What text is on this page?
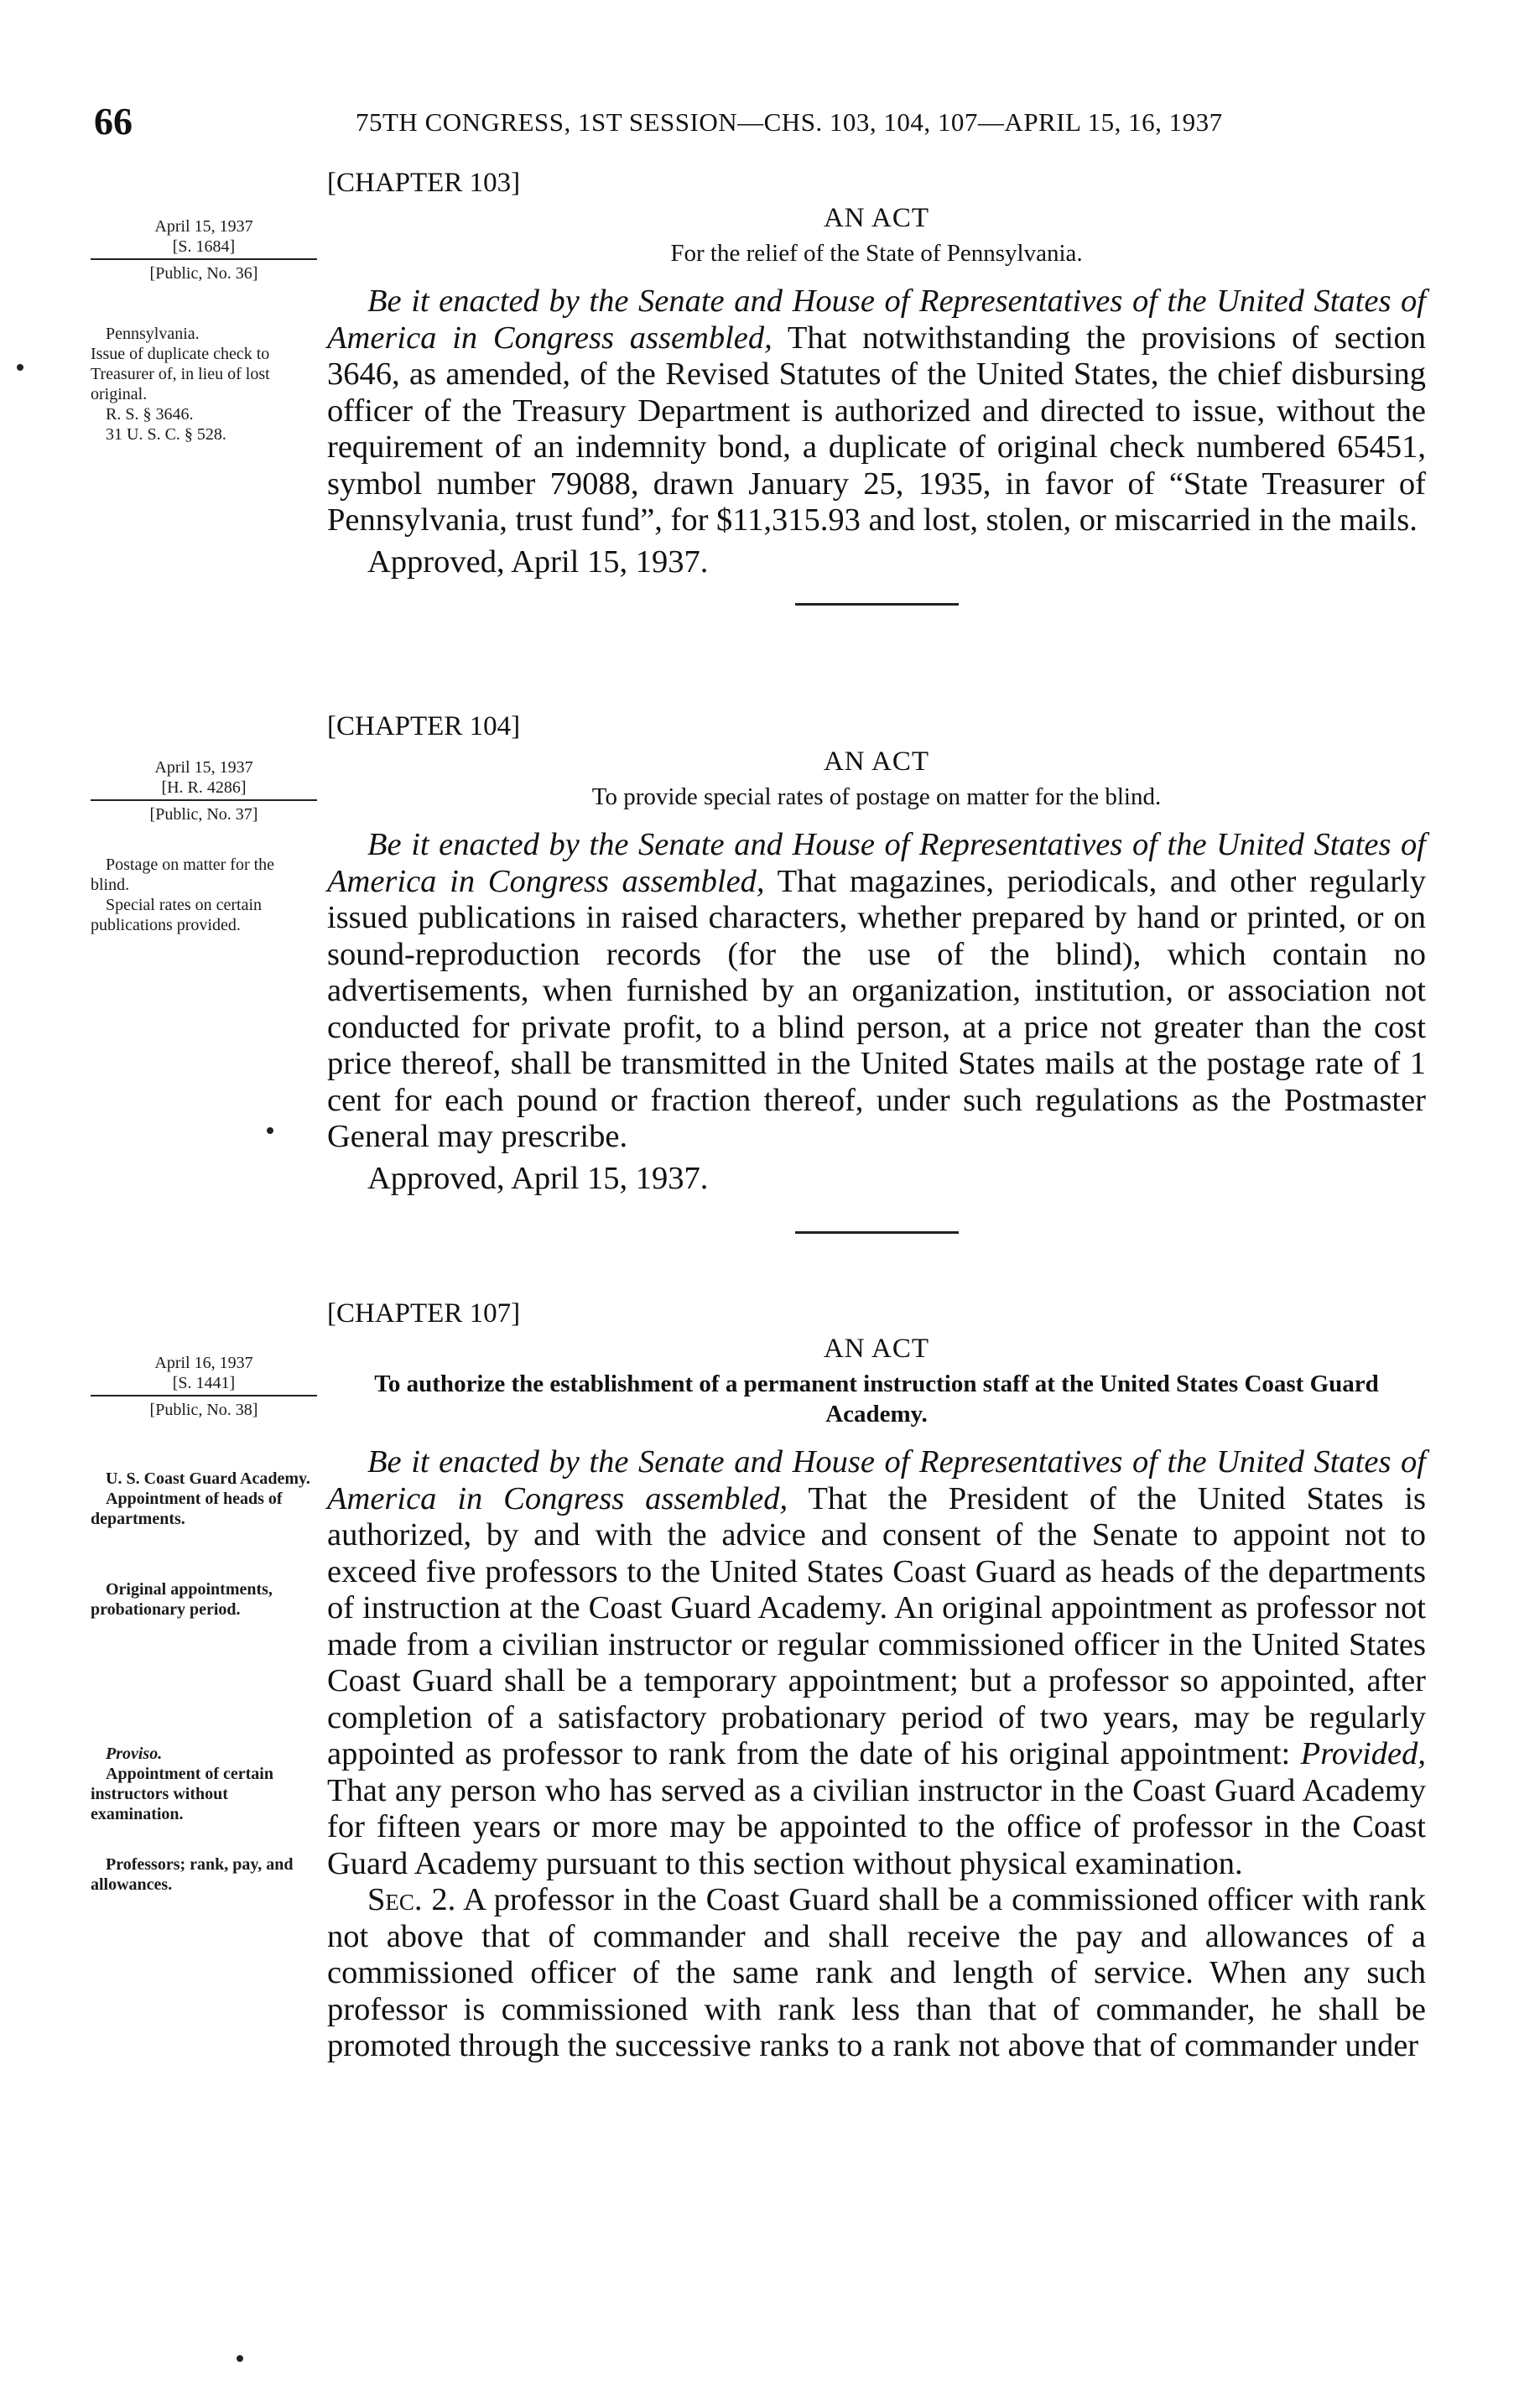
66	75TH CONGRESS, 1ST SESSION—CHS. 103, 104, 107—APRIL 15, 16, 1937
April 15, 1937
[S. 1684]
[Public, No. 36]
Pennsylvania.
Issue of duplicate check to Treasurer of, in lieu of lost original.
R. S. § 3646.
31 U. S. C. § 528.
[CHAPTER 103]
AN ACT
For the relief of the State of Pennsylvania.

Be it enacted by the Senate and House of Representatives of the United States of America in Congress assembled, That notwithstanding the provisions of section 3646, as amended, of the Revised Statutes of the United States, the chief disbursing officer of the Treasury Department is authorized and directed to issue, without the requirement of an indemnity bond, a duplicate of original check numbered 65451, symbol number 79088, drawn January 25, 1935, in favor of “State Treasurer of Pennsylvania, trust fund”, for $11,315.93 and lost, stolen, or miscarried in the mails.

Approved, April 15, 1937.

April 15, 1937
[H. R. 4286]
[Public, No. 37]
Postage on matter for the blind.
Special rates on certain publications provided.
[CHAPTER 104]
AN ACT
To provide special rates of postage on matter for the blind.

Be it enacted by the Senate and House of Representatives of the United States of America in Congress assembled, That magazines, periodicals, and other regularly issued publications in raised characters, whether prepared by hand or printed, or on sound-reproduction records (for the use of the blind), which contain no advertisements, when furnished by an organization, institution, or association not conducted for private profit, to a blind person, at a price not greater than the cost price thereof, shall be transmitted in the United States mails at the postage rate of 1 cent for each pound or fraction thereof, under such regulations as the Postmaster General may prescribe.

Approved, April 15, 1937.

April 16, 1937
[S. 1441]
[Public, No. 38]
U. S. Coast Guard Academy.
Appointment of heads of departments.
Original appointments, probationary period.
Proviso.
Appointment of certain instructors without examination.
Professors; rank, pay, and allowances.
[CHAPTER 107]
AN ACT
To authorize the establishment of a permanent instruction staff at the United States Coast Guard Academy.

Be it enacted by the Senate and House of Representatives of the United States of America in Congress assembled, That the President of the United States is authorized, by and with the advice and consent of the Senate to appoint not to exceed five professors to the United States Coast Guard as heads of the departments of instruction at the Coast Guard Academy. An original appointment as professor not made from a civilian instructor or regular commissioned officer in the United States Coast Guard shall be a temporary appointment; but a professor so appointed, after completion of a satisfactory probationary period of two years, may be regularly appointed as professor to rank from the date of his original appointment: Provided, That any person who has served as a civilian instructor in the Coast Guard Academy for fifteen years or more may be appointed to the office of professor in the Coast Guard Academy pursuant to this section without physical examination.

Sec. 2. A professor in the Coast Guard shall be a commissioned officer with rank not above that of commander and shall receive the pay and allowances of a commissioned officer of the same rank and length of service. When any such professor is commissioned with rank less than that of commander, he shall be promoted through the successive ranks to a rank not above that of commander under
